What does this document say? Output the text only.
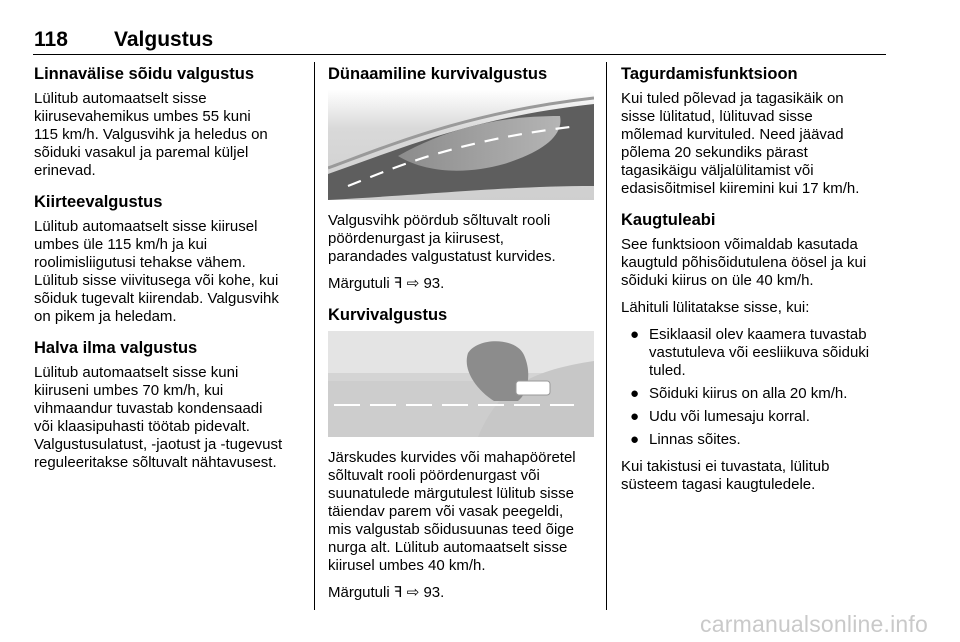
118 Valgustus
Linnavälise sõidu valgustus
Lülitub automaatselt sisse
kiirusevahemikus umbes 55 kuni
115 km/h. Valgusvihk ja heledus on
sõiduki vasakul ja paremal küljel
erinevad.
Kiirteevalgustus
Lülitub automaatselt sisse kiirusel
umbes üle 115 km/h ja kui
roolimisliigutusi tehakse vähem.
Lülitub sisse viivitusega või kohe, kui
sõiduk tugevalt kiirendab. Valgusvihk
on pikem ja heledam.
Halva ilma valgustus
Lülitub automaatselt sisse kuni
kiiruseni umbes 70 km/h, kui
vihmaandur tuvastab kondensaadi
või klaasipuhasti töötab pidevalt.
Valgustusulatust, -jaotust ja -tugevust
reguleeritakse sõltuvalt nähtavusest.
Dünaamiline kurvivalgustus
Valgusvihk pöördub sõltuvalt rooli
pöördenurgast ja kiirusest,
parandades valgustatust kurvides.
Märgutuli ꟻ ⇨ 93.
Kurvivalgustus
Järskudes kurvides või mahapööretel
sõltuvalt rooli pöördenurgast või
suunatulede märgutulest lülitub sisse
täiendav parem või vasak peegeldi,
mis valgustab sõidusuunas teed õige
nurga alt. Lülitub automaatselt sisse
kiirusel umbes 40 km/h.
Märgutuli ꟻ ⇨ 93.
Tagurdamisfunktsioon
Kui tuled põlevad ja tagasikäik on
sisse lülitatud, lülituvad sisse
mõlemad kurvituled. Need jäävad
põlema 20 sekundiks pärast
tagasikäigu väljalülitamist või
edasisõitmisel kiiremini kui 17 km/h.
Kaugtuleabi
See funktsioon võimaldab kasutada
kaugtuld põhisõidutulena öösel ja kui
sõiduki kiirus on üle 40 km/h.
Lähituli lülitatakse sisse, kui:
● Esiklaasil olev kaamera tuvastab
vastutuleva või eesliikuva sõiduki
tuled.
● Sõiduki kiirus on alla 20 km/h.
● Udu või lumesaju korral.
● Linnas sõites.
Kui takistusi ei tuvastata, lülitub
süsteem tagasi kaugtuledele.
carmanualsonline.info
